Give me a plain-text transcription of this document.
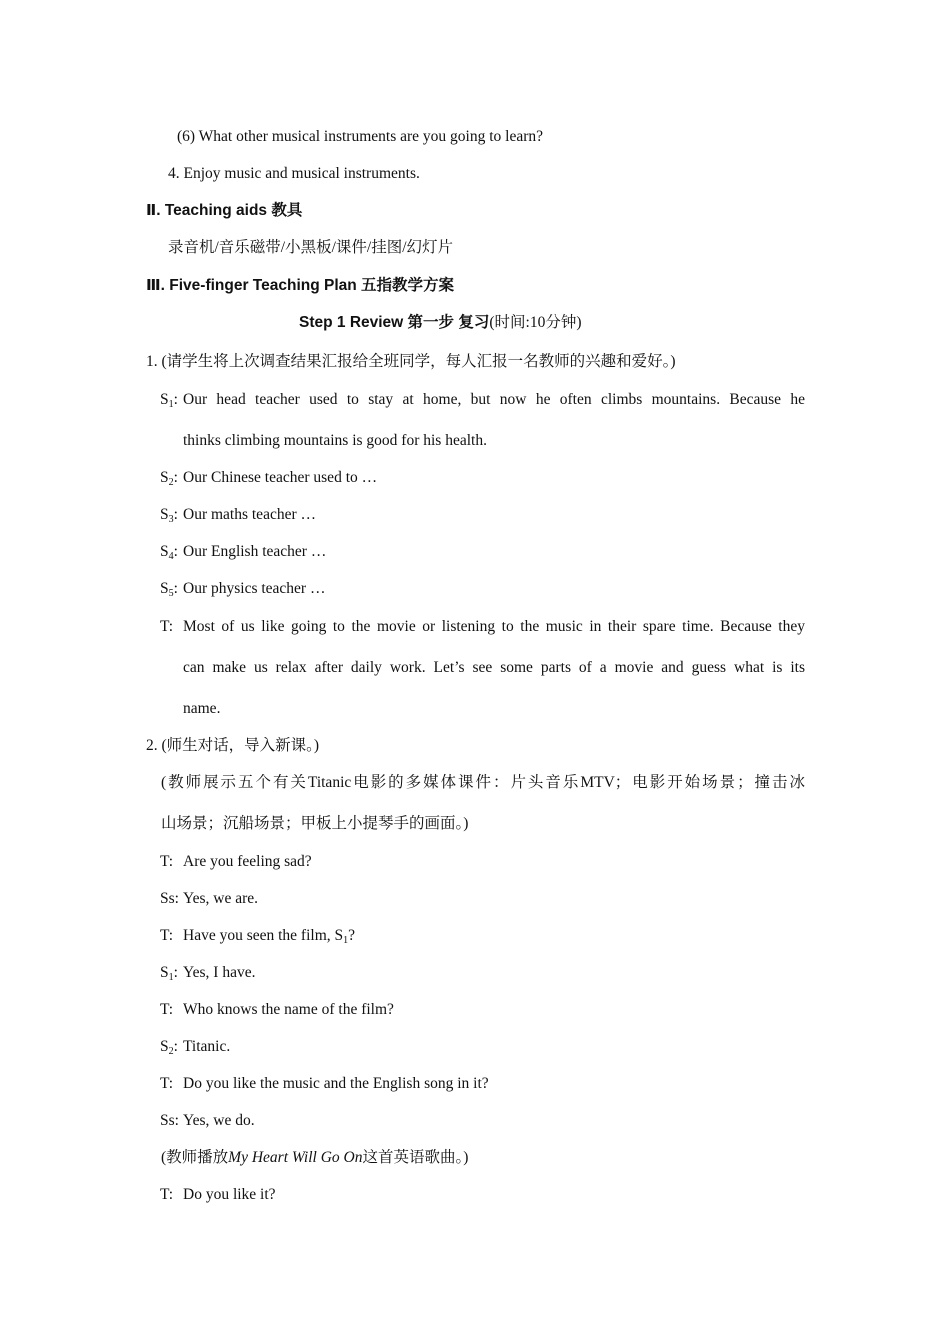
(6) What other musical instruments are you going to learn?
4. Enjoy music and musical instruments.
Ⅱ. Teaching aids 教具
录音机/音乐磁带/小黑板/课件/挂图/幻灯片
Ⅲ. Five-finger Teaching Plan 五指教学方案
Step 1 Review 第一步 复习(时间:10分钟)
1. (请学生将上次调查结果汇报给全班同学，每人汇报一名教师的兴趣和爱好。)
$S_1$: Our head teacher used to stay at home, but now he often climbs mountains. Because he
thinks climbing mountains is good for his health.
$S_2$: Our Chinese teacher used to …
$S_3$: Our maths teacher …
$S_4$: Our English teacher …
$S_5$: Our physics teacher …
T: Most of us like going to the movie or listening to the music in their spare time. Because they
can make us relax after daily work. Let’s see some parts of a movie and guess what is its
name.
2. (师生对话，导入新课。)
(教师展示五个有关Titanic电影的多媒体课件：片头音乐MTV；电影开始场景；撞击冰
山场景；沉船场景；甲板上小提琴手的画面。)
T: Are you feeling sad?
Ss: Yes, we are.
T: Have you seen the film, $S_1$?
$S_1$: Yes, I have.
T: Who knows the name of the film?
$S_2$: Titanic.
T: Do you like the music and the English song in it?
Ss: Yes, we do.
(教师播放My Heart Will Go On这首英语歌曲。)
T: Do you like it?
